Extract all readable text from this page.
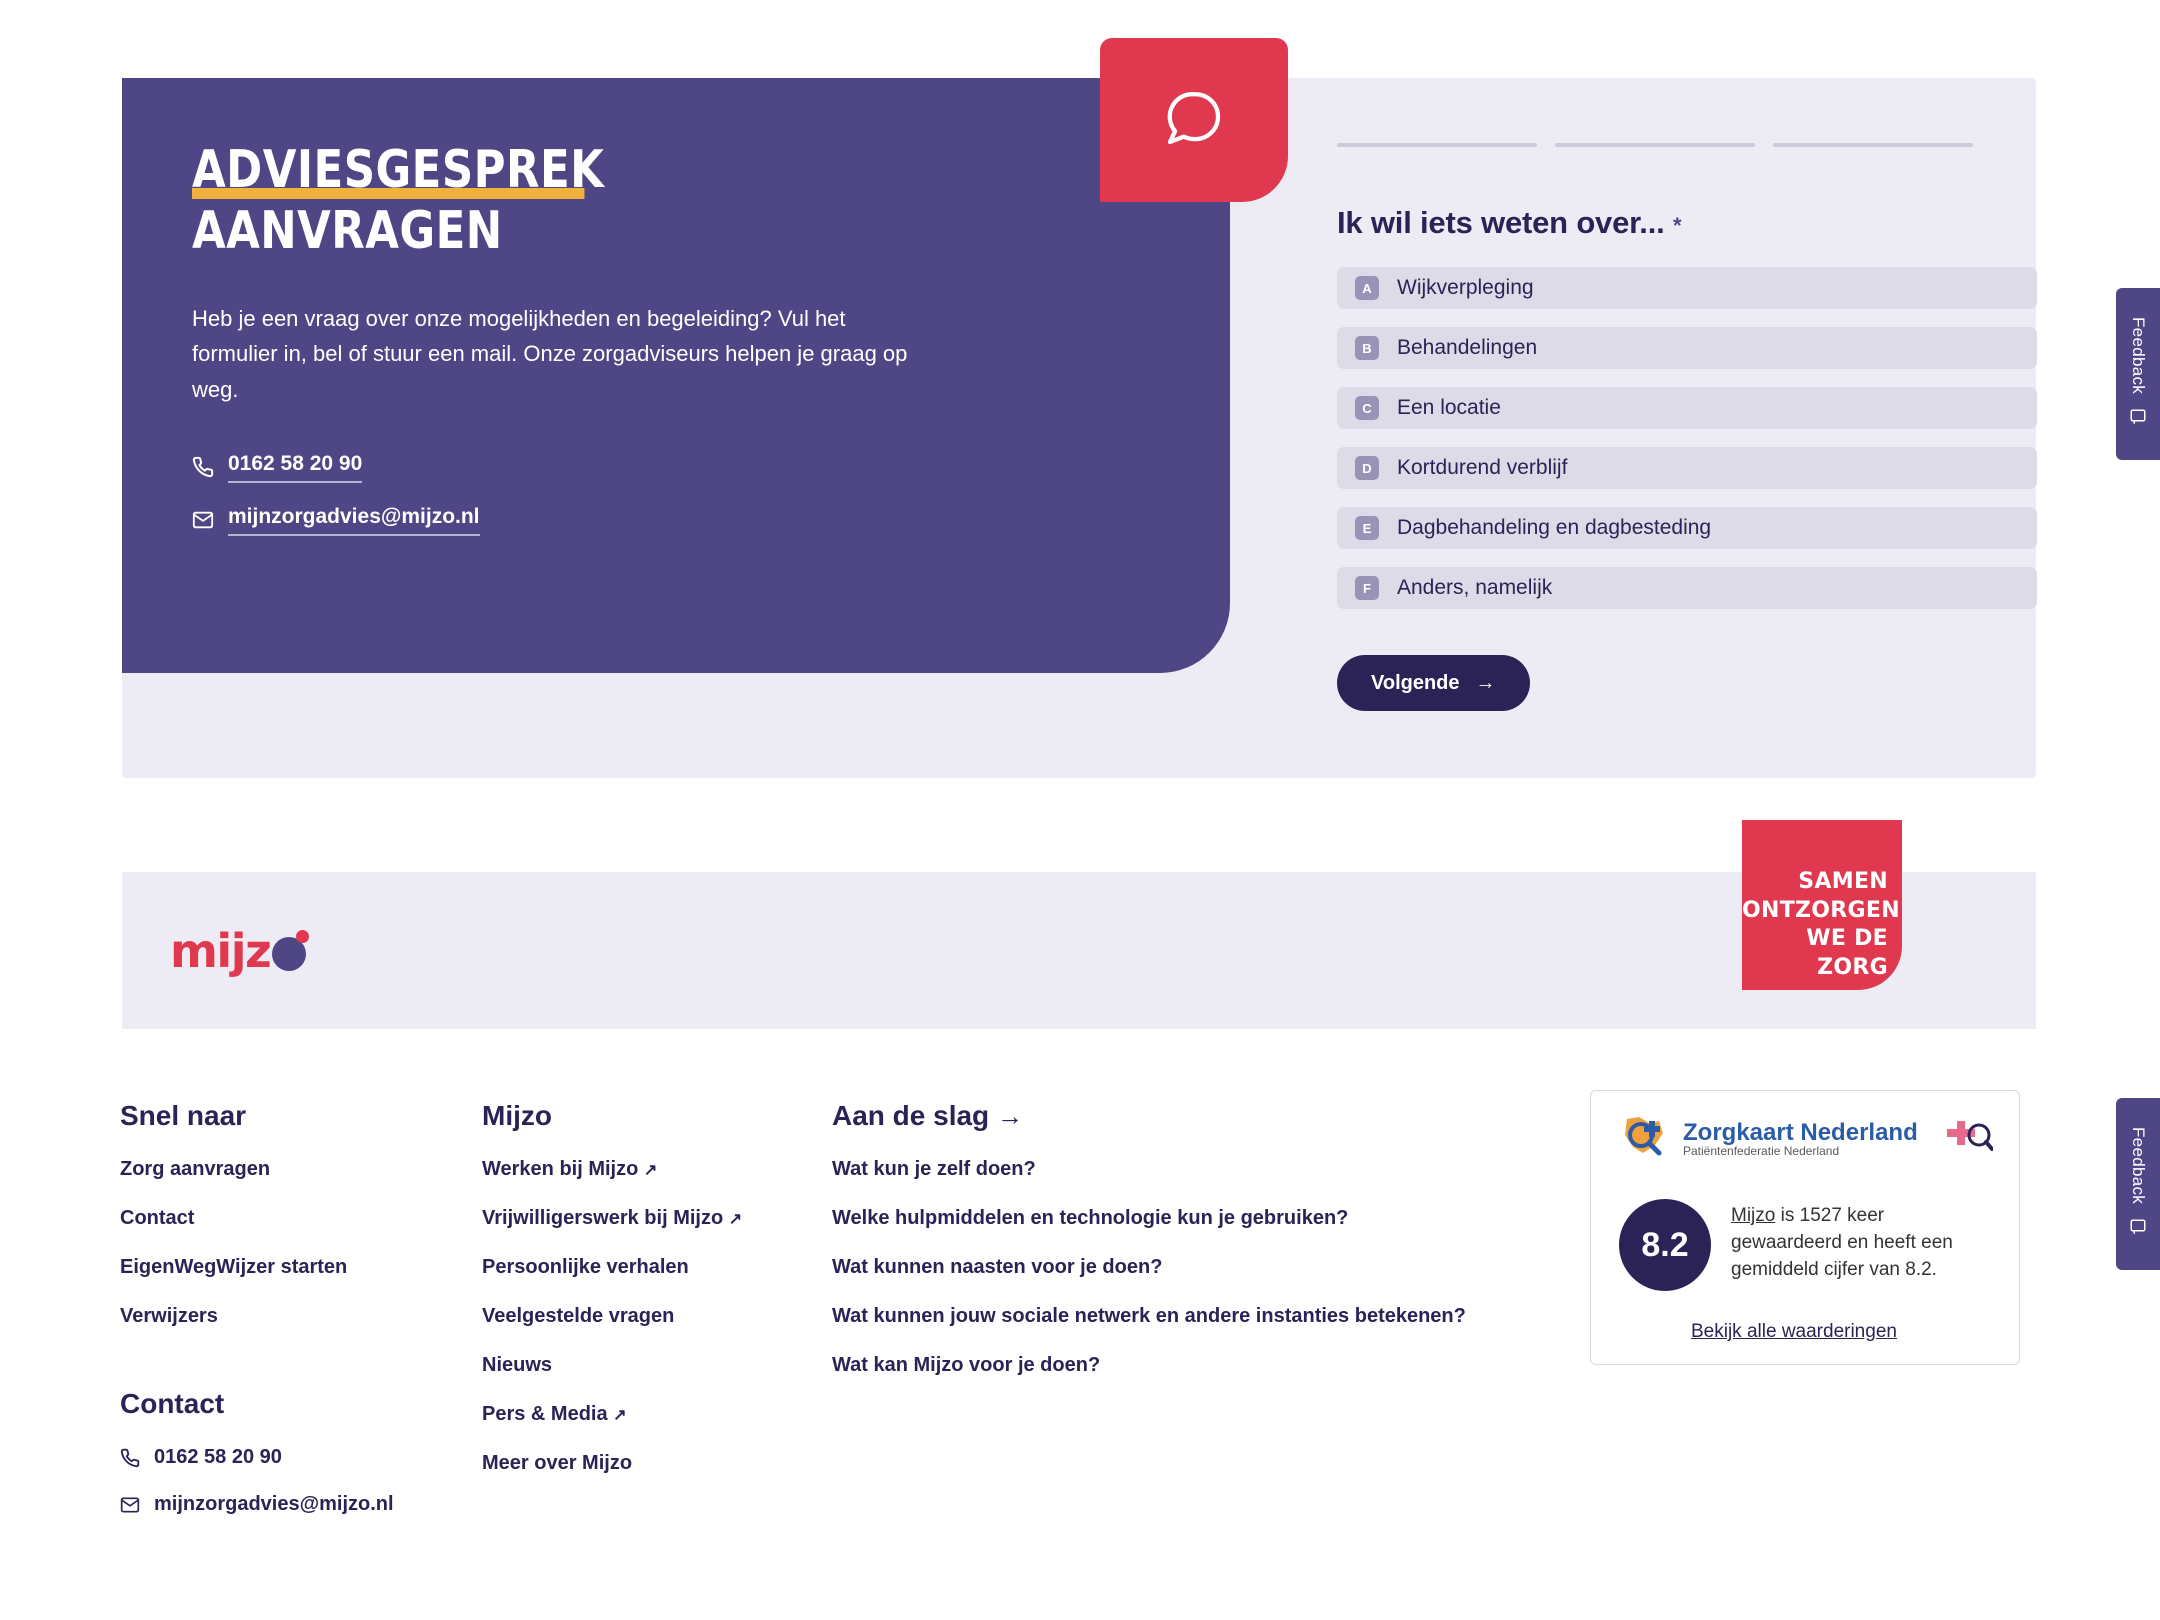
ADVIESGESPREK
AANVRAGEN

Heb je een vraag over onze mogelijkheden en begeleiding? Vul het formulier in, bel of stuur een mail. Onze zorgadviseurs helpen je graag op weg.

0162 58 20 90
mijnzorgadvies@mijzo.nl
Ik wil iets weten over... *
A	Wijkverpleging
B	Behandelingen
C	Een locatie
D	Kortdurend verblijf
E	Dagbehandeling en dagbesteding
F	Anders, namelijk
Volgende →
mijz
SAMEN
ONTZORGEN
WE DE ZORG
Snel naar
Zorg aanvragen
Contact
EigenWegWijzer starten
Verwijzers
Contact
0162 58 20 90
mijnzorgadvies@mijzo.nl
Mijzo
Werken bij Mijzo ↗︎
Vrijwilligerswerk bij Mijzo ↗︎
Persoonlijke verhalen
Veelgestelde vragen
Nieuws
Pers & Media ↗︎
Meer over Mijzo
Aan de slag →
Wat kun je zelf doen?
Welke hulpmiddelen en technologie kun je gebruiken?
Wat kunnen naasten voor je doen?
Wat kunnen jouw sociale netwerk en andere instanties betekenen?
Wat kan Mijzo voor je doen?
Zorgkaart Nederland
Patiëntenfederatie Nederland
8.2
Mijzo is 1527 keer gewaardeerd en heeft een gemiddeld cijfer van 8.2.
Bekijk alle waarderingen
Feedback
Feedback
